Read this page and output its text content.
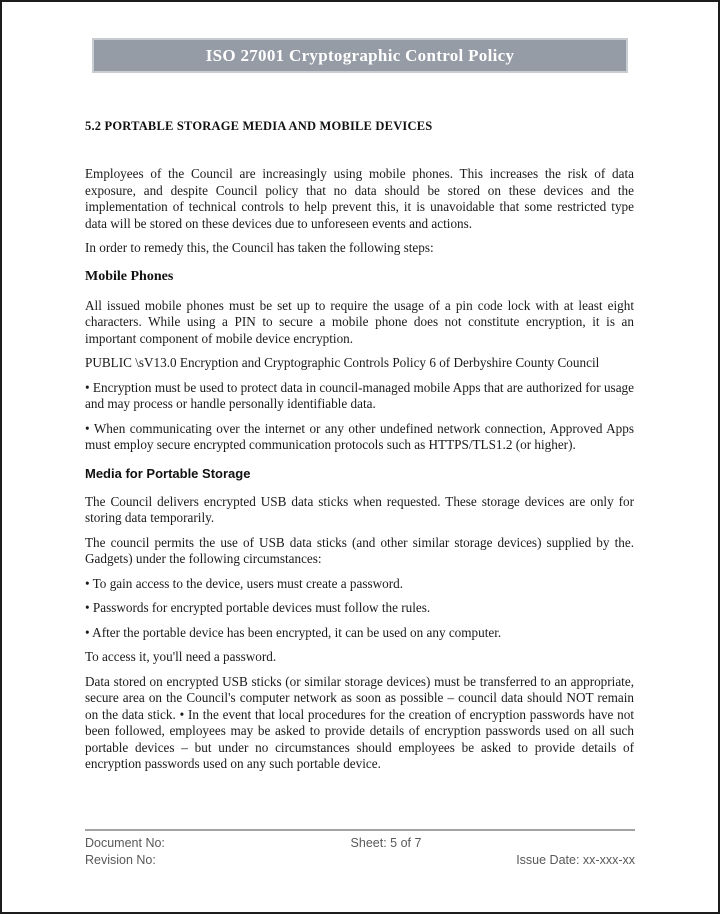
ISO 27001 Cryptographic Control Policy
5.2 PORTABLE STORAGE MEDIA AND MOBILE DEVICES

Employees of the Council are increasingly using mobile phones. This increases the risk of data exposure, and despite Council policy that no data should be stored on these devices and the implementation of technical controls to help prevent this, it is unavoidable that some restricted type data will be stored on these devices due to unforeseen events and actions.

In order to remedy this, the Council has taken the following steps:

Mobile Phones

All issued mobile phones must be set up to require the usage of a pin code lock with at least eight characters. While using a PIN to secure a mobile phone does not constitute encryption, it is an important component of mobile device encryption.

PUBLIC \sV13.0 Encryption and Cryptographic Controls Policy 6 of Derbyshire County Council

• Encryption must be used to protect data in council-managed mobile Apps that are authorized for usage and may process or handle personally identifiable data.

• When communicating over the internet or any other undefined network connection, Approved Apps must employ secure encrypted communication protocols such as HTTPS/TLS1.2 (or higher).

Media for Portable Storage

The Council delivers encrypted USB data sticks when requested. These storage devices are only for storing data temporarily.

The council permits the use of USB data sticks (and other similar storage devices) supplied by the. Gadgets) under the following circumstances:

• To gain access to the device, users must create a password.

• Passwords for encrypted portable devices must follow the rules.

• After the portable device has been encrypted, it can be used on any computer.

To access it, you'll need a password.

Data stored on encrypted USB sticks (or similar storage devices) must be transferred to an appropriate, secure area on the Council's computer network as soon as possible – council data should NOT remain on the data stick. • In the event that local procedures for the creation of encryption passwords have not been followed, employees may be asked to provide details of encryption passwords used on all such portable devices – but under no circumstances should employees be asked to provide details of encryption passwords used on any such portable device.

Document No:	Sheet: 5 of 7
Revision No:	Issue Date: xx-xxx-xx
